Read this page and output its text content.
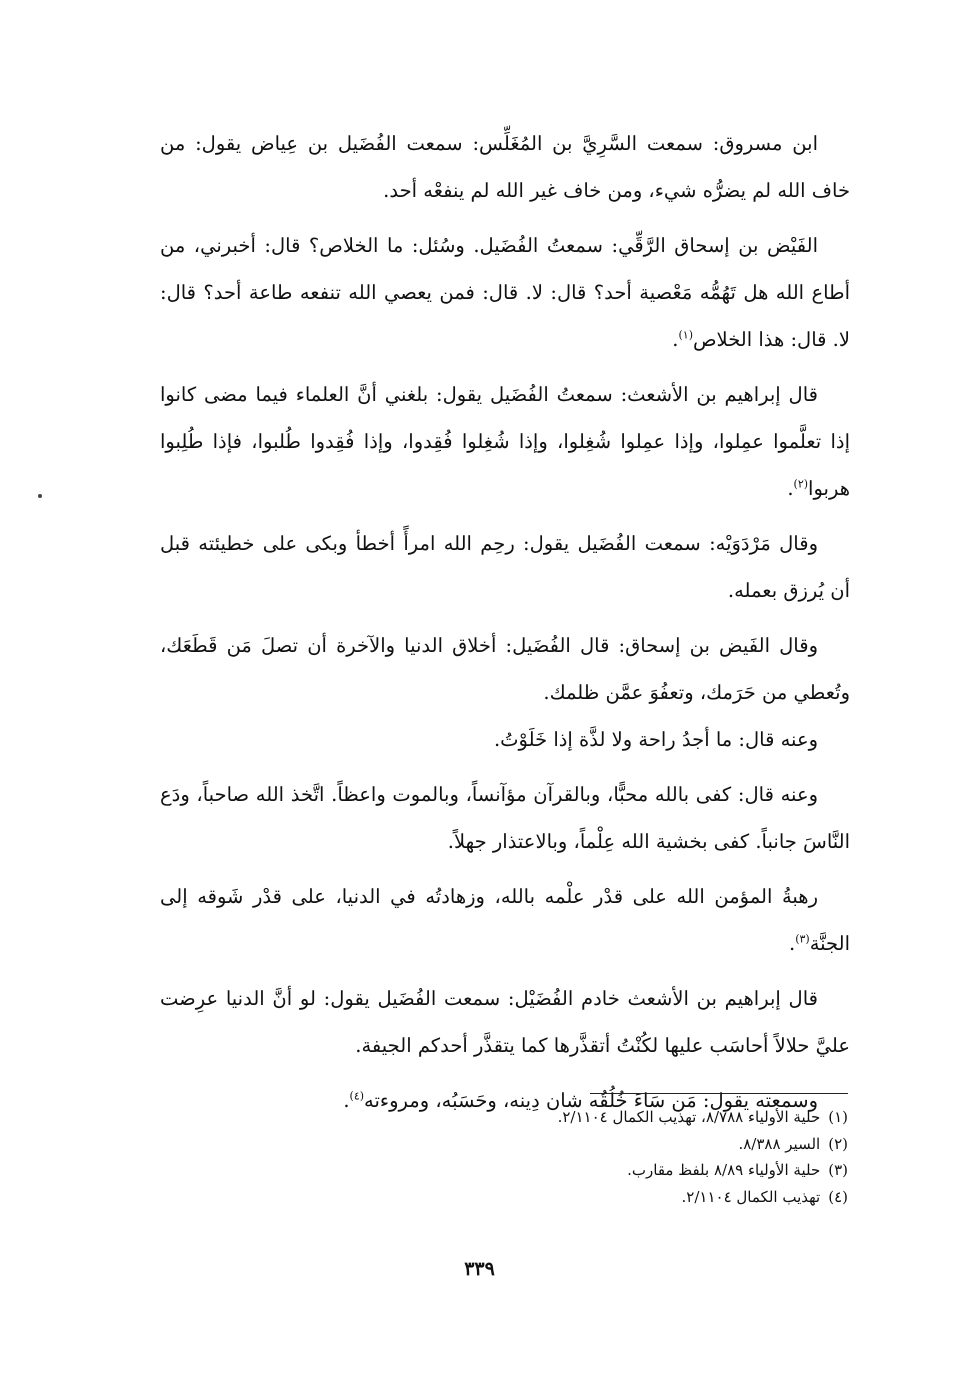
ابن مسروق: سمعت السَّرِيَّ بن المُغَلِّس: سمعت الفُضَيل بن عِياض يقول: من خاف الله لم يضرُّه شيء، ومن خاف غير الله لم ينفعْه أحد.

الفَيْض بن إسحاق الرَّقِّي: سمعتُ الفُضَيل. وسُئل: ما الخلاص؟ قال: أخبرني، من أطاع الله هل تَهُمُّه مَعْصية أحد؟ قال: لا. قال: فمن يعصي الله تنفعه طاعة أحد؟ قال: لا. قال: هذا الخلاص$^{(١)}$.

قال إبراهيم بن الأشعث: سمعتُ الفُضَيل يقول: بلغني أنَّ العلماء فيما مضى كانوا إذا تعلَّموا عمِلوا، وإذا عمِلوا شُغِلوا، وإذا شُغِلوا فُقِدوا، وإذا فُقِدوا طُلبوا، فإذا طُلِبوا هربوا$^{(٢)}$.

وقال مَرْدَوَيْه: سمعت الفُضَيل يقول: رحِم الله امرأً أخطأ وبكى على خطيئته قبل أن يُرزق بعمله.

وقال الفَيض بن إسحاق: قال الفُضَيل: أخلاق الدنيا والآخرة أن تصلَ مَن قَطَعَك، وتُعطي من حَرَمك، وتعفُوَ عمَّن ظلمك.

وعنه قال: ما أجدُ راحة ولا لذَّة إذا خَلَوْتُ.

وعنه قال: كفى بالله محبًّا، وبالقرآن مؤآنساً، وبالموت واعظاً. اتَّخذ الله صاحباً، ودَع النَّاسَ جانباً. كفى بخشية الله عِلْماً، وبالاعتذار جهلاً.

رهبةُ المؤمن الله على قدْر علْمه بالله، وزهادتُه في الدنيا، على قدْر شَوقه إلى الجنَّة$^{(٣)}$.

قال إبراهيم بن الأشعث خادم الفُضَيْل: سمعت الفُضَيل يقول: لو أنَّ الدنيا عرِضت عليَّ حلالاً أحاسَب عليها لكُنْتُ أتقذَّرها كما يتقذَّر أحدكم الجيفة.

وسمعته يقول: مَن سَاءَ خُلُقُه شان دِينه، وحَسَبُه، ومروءته$^{(٤)}$.

(١)حلية الأولياء ٨/٧٨٨، تهذيب الكمال ٢/١١٠٤.
(٢)السير ٨/٣٨٨.
(٣)حلية الأولياء ٨/٨٩ بلفظ مقارب.
(٤)تهذيب الكمال ٢/١١٠٤.
٣٣٩
